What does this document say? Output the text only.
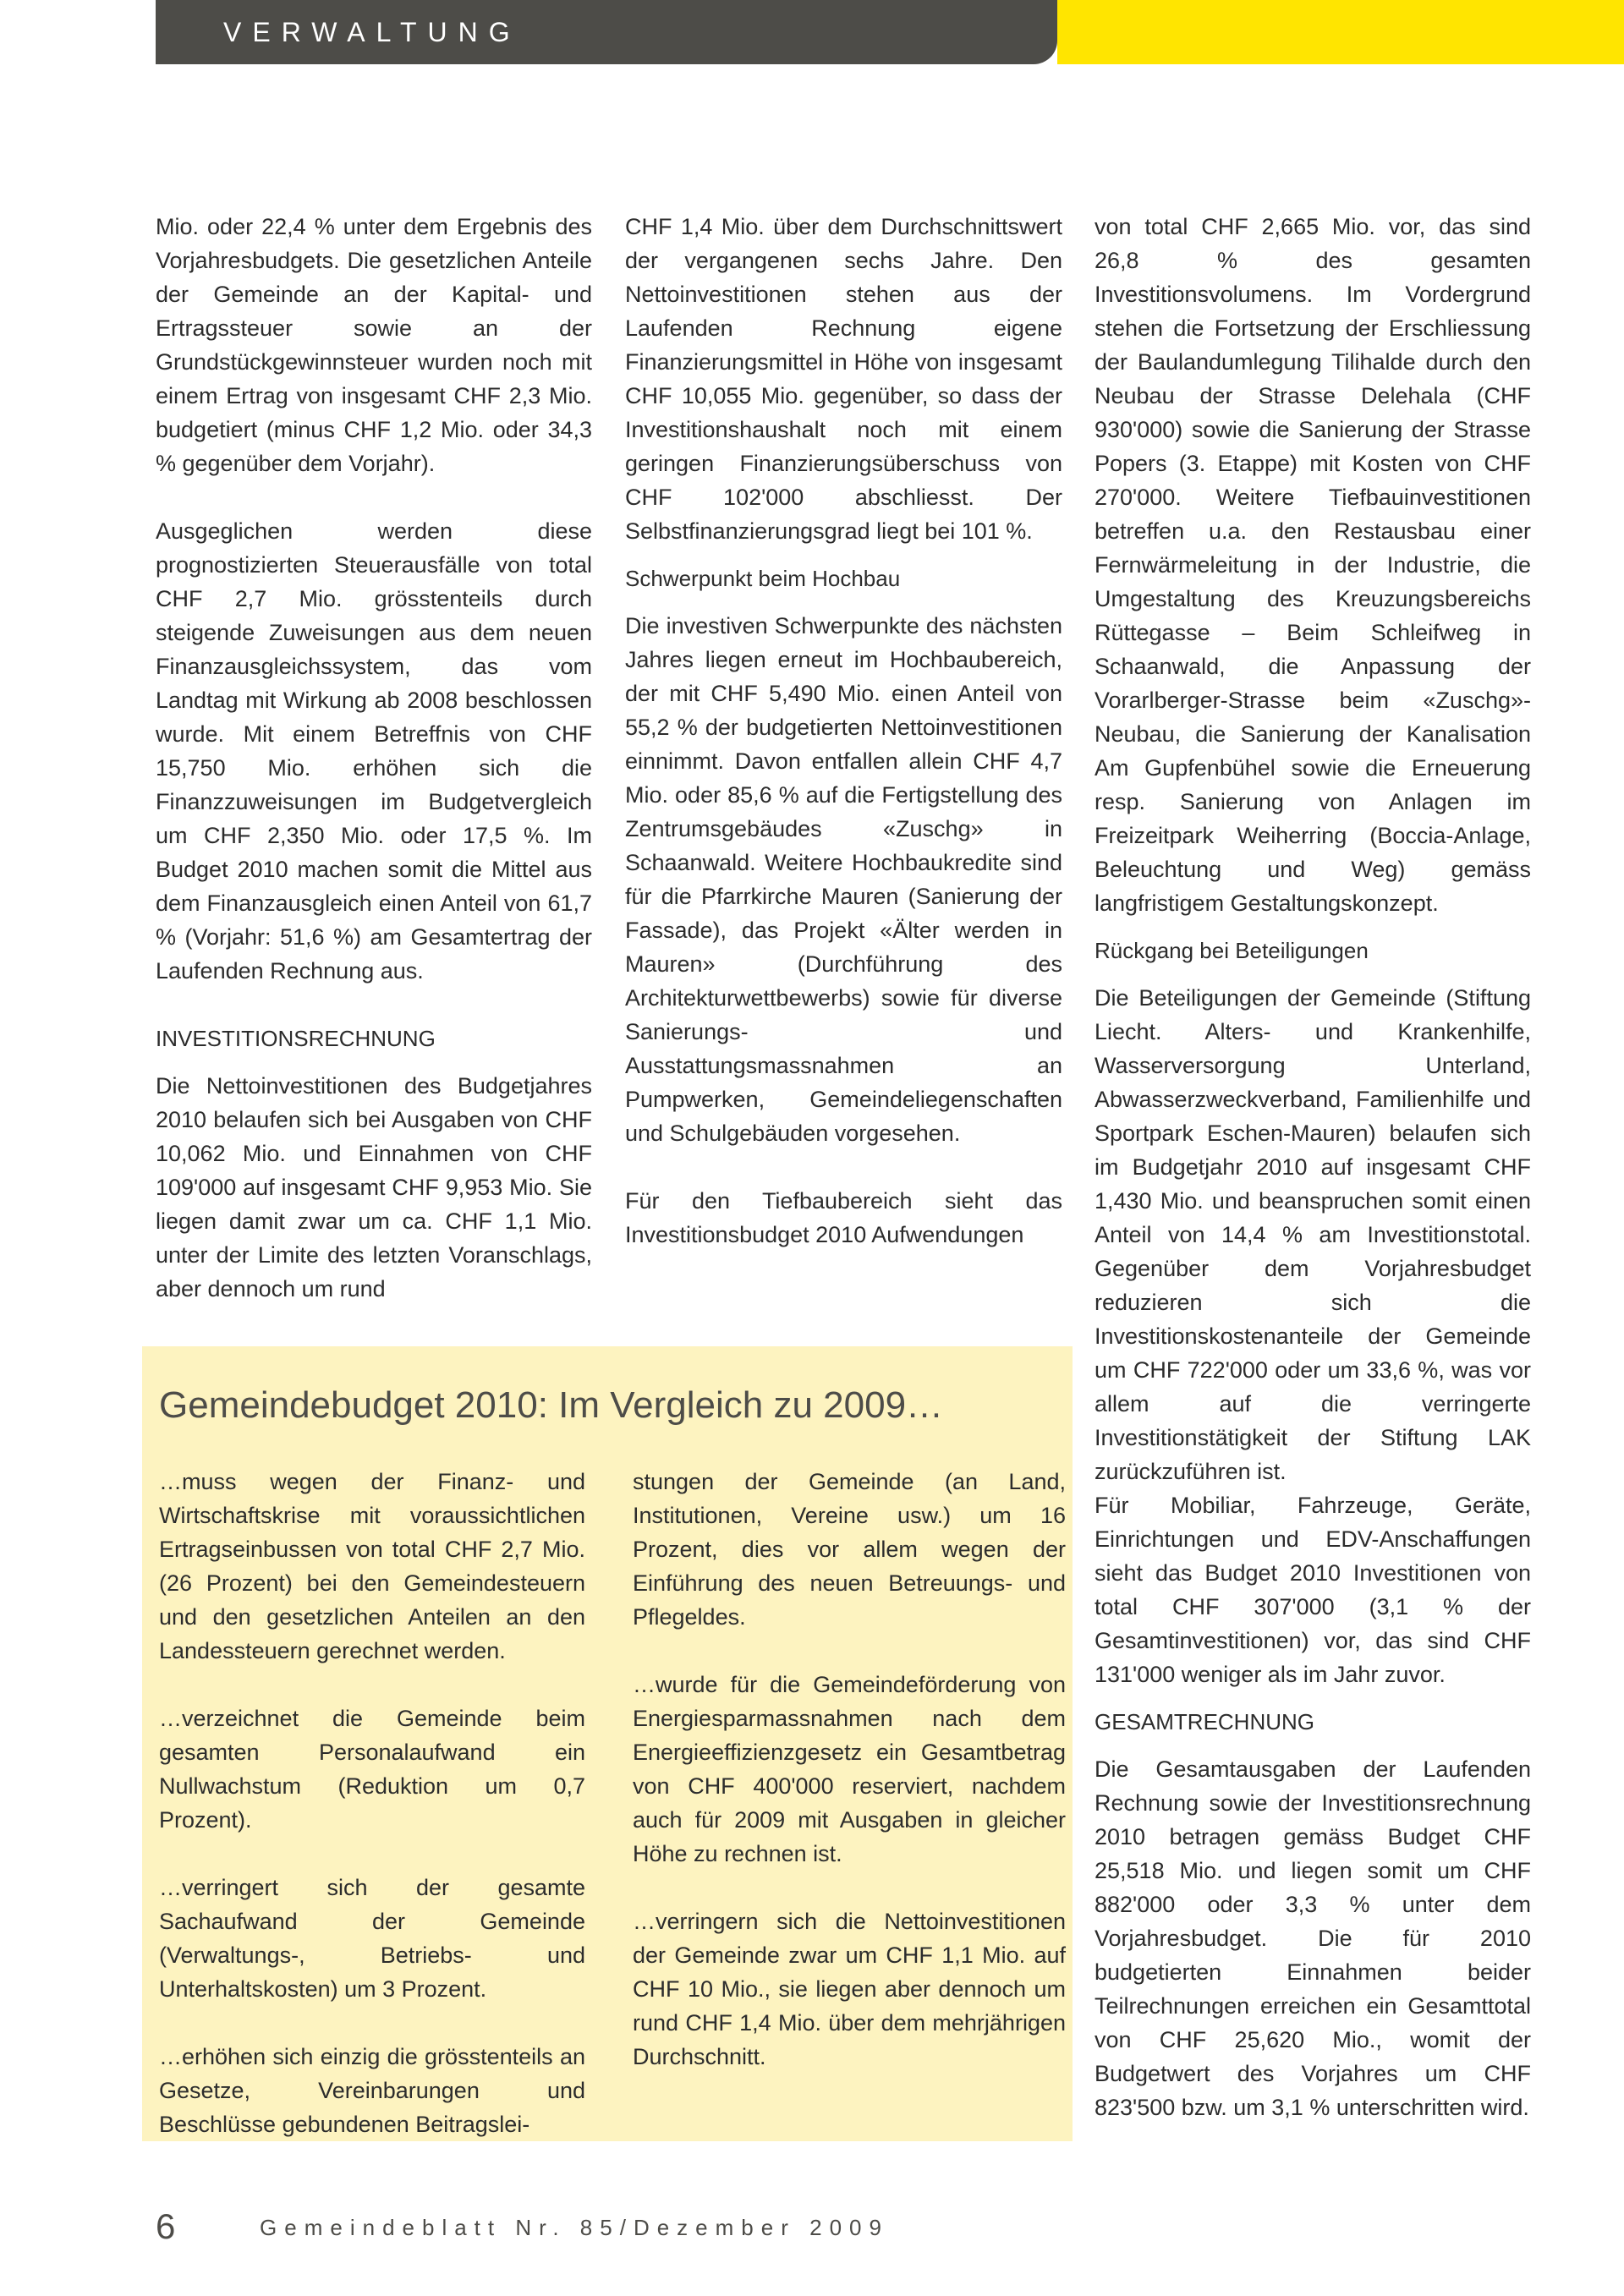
VERWALTUNG

Mio. oder 22,4 % unter dem Ergebnis des Vorjahresbudgets. Die gesetzlichen Anteile der Gemeinde an der Kapital- und Ertragssteuer sowie an der Grundstückgewinnsteuer wurden noch mit einem Ertrag von insgesamt CHF 2,3 Mio. budgetiert (minus CHF 1,2 Mio. oder 34,3 % gegenüber dem Vorjahr).

Ausgeglichen werden diese prognostizierten Steuerausfälle von total CHF 2,7 Mio. grösstenteils durch steigende Zuweisungen aus dem neuen Finanzausgleichssystem, das vom Landtag mit Wirkung ab 2008 beschlossen wurde. Mit einem Betreffnis von CHF 15,750 Mio. erhöhen sich die Finanzzuweisungen im Budgetvergleich um CHF 2,350 Mio. oder 17,5 %. Im Budget 2010 machen somit die Mittel aus dem Finanzausgleich einen Anteil von 61,7 % (Vorjahr: 51,6 %) am Gesamtertrag der Laufenden Rechnung aus.

INVESTITIONSRECHNUNG

Die Nettoinvestitionen des Budgetjahres 2010 belaufen sich bei Ausgaben von CHF 10,062 Mio. und Einnahmen von CHF 109'000 auf insgesamt CHF 9,953 Mio. Sie liegen damit zwar um ca. CHF 1,1 Mio. unter der Limite des letzten Voranschlags, aber dennoch um rund

CHF 1,4 Mio. über dem Durchschnittswert der vergangenen sechs Jahre. Den Nettoinvestitionen stehen aus der Laufenden Rechnung eigene Finanzierungsmittel in Höhe von insgesamt CHF 10,055 Mio. gegenüber, so dass der Investitionshaushalt noch mit einem geringen Finanzierungsüberschuss von CHF 102'000 abschliesst. Der Selbstfinanzierungsgrad liegt bei 101 %.

Schwerpunkt beim Hochbau

Die investiven Schwerpunkte des nächsten Jahres liegen erneut im Hochbaubereich, der mit CHF 5,490 Mio. einen Anteil von 55,2 % der budgetierten Nettoinvestitionen einnimmt. Davon entfallen allein CHF 4,7 Mio. oder 85,6 % auf die Fertigstellung des Zentrumsgebäudes «Zuschg» in Schaanwald. Weitere Hochbaukredite sind für die Pfarrkirche Mauren (Sanierung der Fassade), das Projekt «Älter werden in Mauren» (Durchführung des Architekturwettbewerbs) sowie für diverse Sanierungs- und Ausstattungsmassnahmen an Pumpwerken, Gemeindeliegenschaften und Schulgebäuden vorgesehen.

Für den Tiefbaubereich sieht das Investitionsbudget 2010 Aufwendungen

von total CHF 2,665 Mio. vor, das sind 26,8 % des gesamten Investitionsvolumens. Im Vordergrund stehen die Fortsetzung der Erschliessung der Baulandumlegung Tilihalde durch den Neubau der Strasse Delehala (CHF 930'000) sowie die Sanierung der Strasse Popers (3. Etappe) mit Kosten von CHF 270'000. Weitere Tiefbauinvestitionen betreffen u.a. den Restausbau einer Fernwärmeleitung in der Industrie, die Umgestaltung des Kreuzungsbereichs Rüttegasse – Beim Schleifweg in Schaanwald, die Anpassung der Vorarlberger-Strasse beim «Zuschg»-Neubau, die Sanierung der Kanalisation Am Gupfenbühel sowie die Erneuerung resp. Sanierung von Anlagen im Freizeitpark Weiherring (Boccia-Anlage, Beleuchtung und Weg) gemäss langfristigem Gestaltungskonzept.

Rückgang bei Beteiligungen

Die Beteiligungen der Gemeinde (Stiftung Liecht. Alters- und Krankenhilfe, Wasserversorgung Unterland, Abwasserzweckverband, Familienhilfe und Sportpark Eschen-Mauren) belaufen sich im Budgetjahr 2010 auf insgesamt CHF 1,430 Mio. und beanspruchen somit einen Anteil von 14,4 % am Investitionstotal. Gegenüber dem Vorjahresbudget reduzieren sich die Investitionskostenanteile der Gemeinde um CHF 722'000 oder um 33,6 %, was vor allem auf die verringerte Investitionstätigkeit der Stiftung LAK zurückzuführen ist.

Für Mobiliar, Fahrzeuge, Geräte, Einrichtungen und EDV-Anschaffungen sieht das Budget 2010 Investitionen von total CHF 307'000 (3,1 % der Gesamtinvestitionen) vor, das sind CHF 131'000 weniger als im Jahr zuvor.

GESAMTRECHNUNG

Die Gesamtausgaben der Laufenden Rechnung sowie der Investitionsrechnung 2010 betragen gemäss Budget CHF 25,518 Mio. und liegen somit um CHF 882'000 oder 3,3 % unter dem Vorjahresbudget. Die für 2010 budgetierten Einnahmen beider Teilrechnungen erreichen ein Gesamttotal von CHF 25,620 Mio., womit der Budgetwert des Vorjahres um CHF 823'500 bzw. um 3,1 % unterschritten wird.

Gemeindebudget 2010: Im Vergleich zu 2009…

…muss wegen der Finanz- und Wirtschaftskrise mit voraussichtlichen Ertragseinbussen von total CHF 2,7 Mio. (26 Prozent) bei den Gemeindesteuern und den gesetzlichen Anteilen an den Landessteuern gerechnet werden.

…verzeichnet die Gemeinde beim gesamten Personalaufwand ein Nullwachstum (Reduktion um 0,7 Prozent).

…verringert sich der gesamte Sachaufwand der Gemeinde (Verwaltungs-, Betriebs- und Unterhaltskosten) um 3 Prozent.

…erhöhen sich einzig die grösstenteils an Gesetze, Vereinbarungen und Beschlüsse gebundenen Beitragslei-

stungen der Gemeinde (an Land, Institutionen, Vereine usw.) um 16 Prozent, dies vor allem wegen der Einführung des neuen Betreuungs- und Pflegeldes.

…wurde für die Gemeindeförderung von Energiesparmassnahmen nach dem Energieeffizienzgesetz ein Gesamtbetrag von CHF 400'000 reserviert, nachdem auch für 2009 mit Ausgaben in gleicher Höhe zu rechnen ist.

…verringern sich die Nettoinvestitionen der Gemeinde zwar um CHF 1,1 Mio. auf CHF 10 Mio., sie liegen aber dennoch um rund CHF 1,4 Mio. über dem mehrjährigen Durchschnitt.

6	Gemeindeblatt Nr. 85/Dezember 2009
